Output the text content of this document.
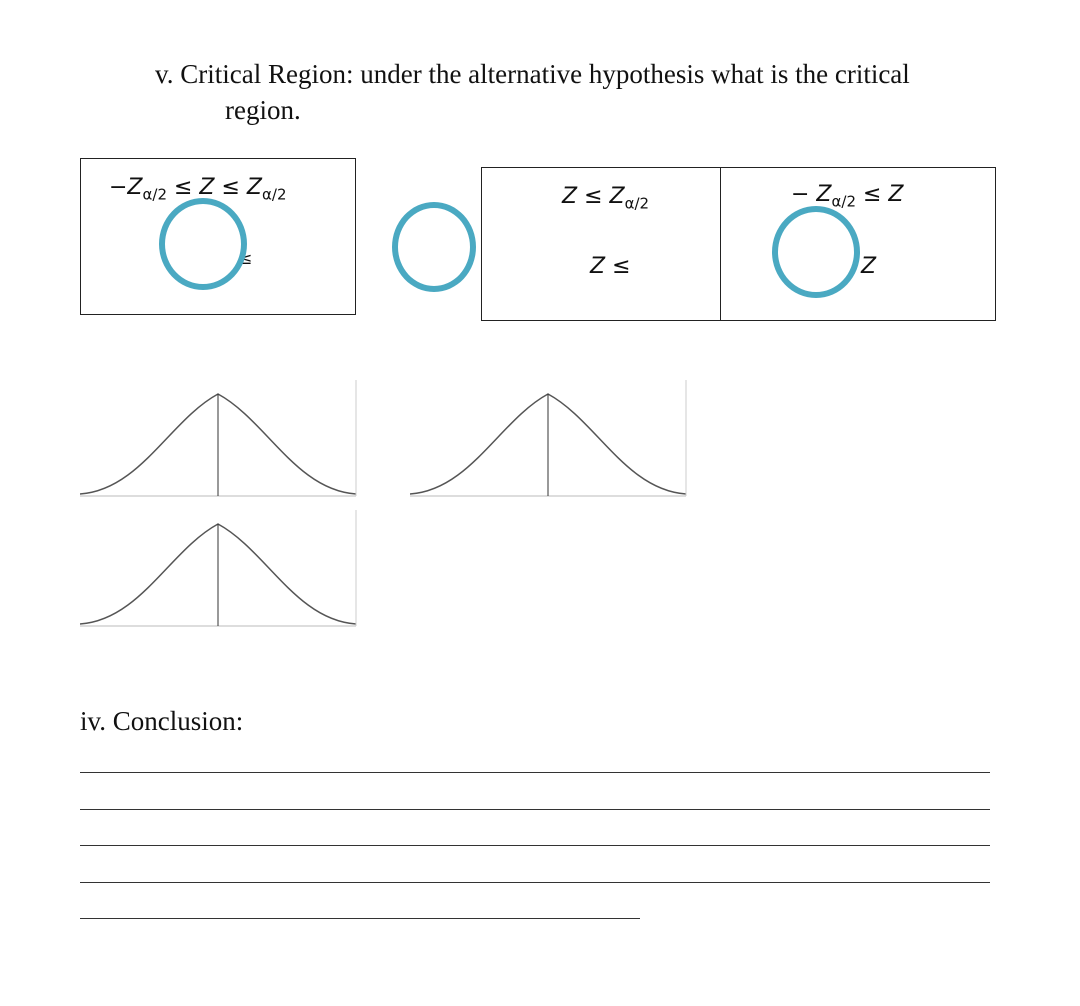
v. Critical Region: under the alternative hypothesis what is the critical
region.
$-Z_{\alpha/2} \le Z \le Z_{\alpha/2}$
≤
$Z \le Z_{\alpha/2}$
Z ≤
− $Z_{\alpha/2} \le Z$
Z
iv. Conclusion:
